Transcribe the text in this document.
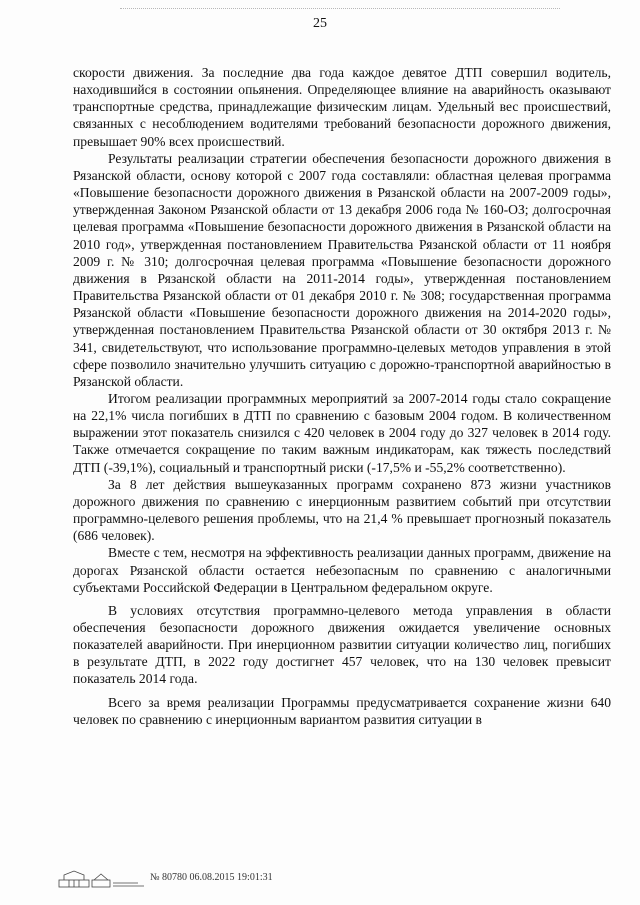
25

скорости движения. За последние два года каждое девятое ДТП совершил водитель, находившийся в состоянии опьянения. Определяющее влияние на аварийность оказывают транспортные средства, принадлежащие физическим лицам. Удельный вес происшествий, связанных с несоблюдением водителями требований безопасности дорожного движения, превышает 90% всех происшествий.

Результаты реализации стратегии обеспечения безопасности дорожного движения в Рязанской области, основу которой с 2007 года составляли: областная целевая программа «Повышение безопасности дорожного движения в Рязанской области на 2007-2009 годы», утвержденная Законом Рязанской области от 13 декабря 2006 года № 160-ОЗ; долгосрочная целевая программа «Повышение безопасности дорожного движения в Рязанской области на 2010 год», утвержденная постановлением Правительства Рязанской области от 11 ноября 2009 г. № 310; долгосрочная целевая программа «Повышение безопасности дорожного движения в Рязанской области на 2011-2014 годы», утвержденная постановлением Правительства Рязанской области от 01 декабря 2010 г. № 308; государственная программа Рязанской области «Повышение безопасности дорожного движения на 2014-2020 годы», утвержденная постановлением Правительства Рязанской области от 30 октября 2013 г. № 341, свидетельствуют, что использование программно-целевых методов управления в этой сфере позволило значительно улучшить ситуацию с дорожно-транспортной аварийностью в Рязанской области.

Итогом реализации программных мероприятий за 2007-2014 годы стало сокращение на 22,1% числа погибших в ДТП по сравнению с базовым 2004 годом. В количественном выражении этот показатель снизился с 420 человек в 2004 году до 327 человек в 2014 году. Также отмечается сокращение по таким важным индикаторам, как тяжесть последствий ДТП (-39,1%), социальный и транспортный риски (-17,5% и -55,2% соответственно).

За 8 лет действия вышеуказанных программ сохранено 873 жизни участников дорожного движения по сравнению с инерционным развитием событий при отсутствии программно-целевого решения проблемы, что на 21,4 % превышает прогнозный показатель (686 человек).

Вместе с тем, несмотря на эффективность реализации данных программ, движение на дорогах Рязанской области остается небезопасным по сравнению с аналогичными субъектами Российской Федерации в Центральном федеральном округе.

В условиях отсутствия программно-целевого метода управления в области обеспечения безопасности дорожного движения ожидается увеличение основных показателей аварийности. При инерционном развитии ситуации количество лиц, погибших в результате ДТП, в 2022 году достигнет 457 человек, что на 130 человек превысит показатель 2014 года.

Всего за время реализации Программы предусматривается сохранение жизни 640 человек по сравнению с инерционным вариантом развития ситуации в

№ 80780 06.08.2015 19:01:31
